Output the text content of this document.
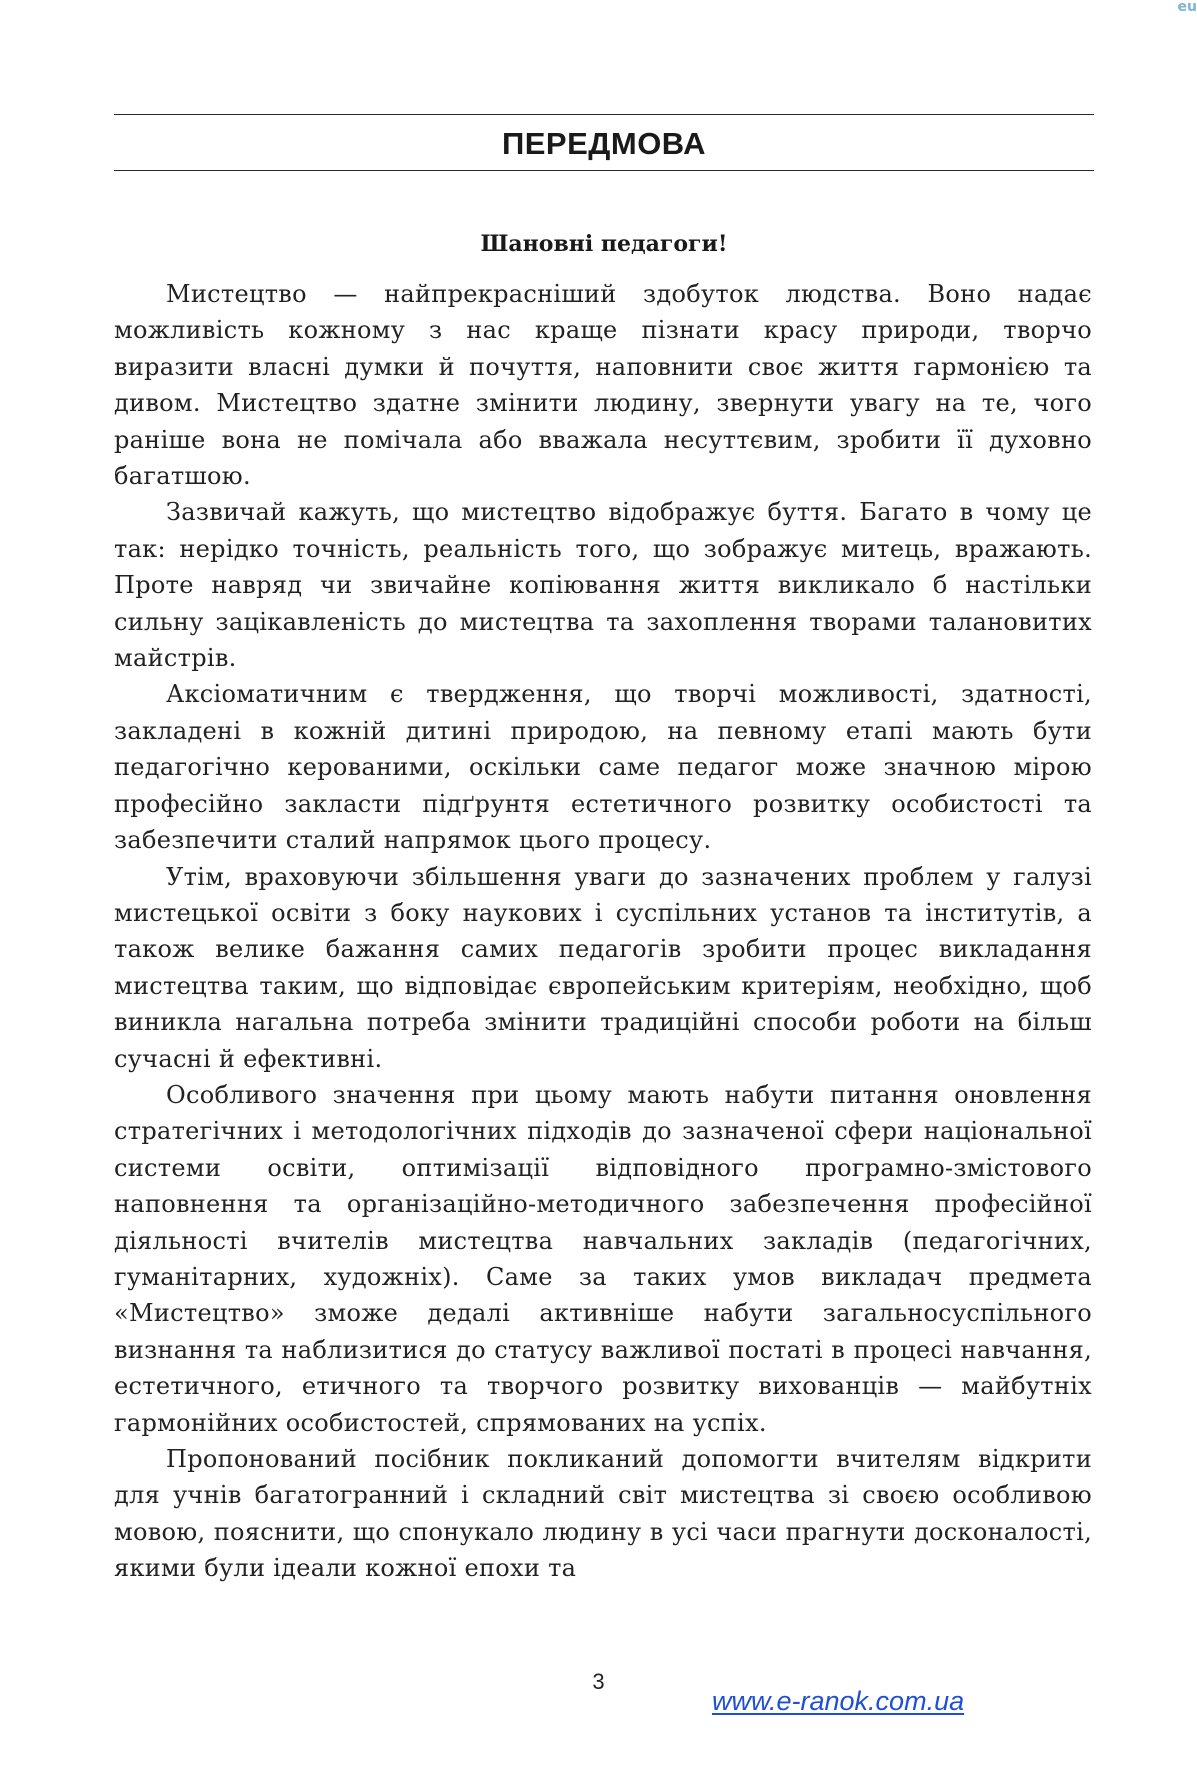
eu
ПЕРЕДМОВА
Шановні педагоги!

Мистецтво — найпрекрасніший здобуток людства. Воно надає можливість кожному з нас краще пізнати красу природи, творчо виразити власні думки й почуття, наповнити своє життя гармонією та дивом. Мистецтво здатне змінити людину, звернути увагу на те, чого раніше вона не помічала або вважала несуттєвим, зробити її духовно багатшою.

Зазвичай кажуть, що мистецтво відображує буття. Багато в чому це так: нерідко точність, реальність того, що зображує митець, вражають. Проте навряд чи звичайне копіювання життя викликало б настільки сильну зацікавленість до мистецтва та захоплення творами талановитих майстрів.

Аксіоматичним є твердження, що творчі можливості, здатності, закладені в кожній дитині природою, на певному етапі мають бути педагогічно керованими, оскільки саме педагог може значною мірою професійно закласти підґрунтя естетичного розвитку особистості та забезпечити сталий напрямок цього процесу.

Утім, враховуючи збільшення уваги до зазначених проблем у галузі мистецької освіти з боку наукових і суспільних установ та інститутів, а також велике бажання самих педагогів зробити процес викладання мистецтва таким, що відповідає європейським критеріям, необхідно, щоб виникла нагальна потреба змінити традиційні способи роботи на більш сучасні й ефективні.

Особливого значення при цьому мають набути питання оновлення стратегічних і методологічних підходів до зазначеної сфери національної системи освіти, оптимізації відповідного програмно-змістового наповнення та організаційно-методичного забезпечення професійної діяльності вчителів мистецтва навчальних закладів (педагогічних, гуманітарних, художніх). Саме за таких умов викладач предмета «Мистецтво» зможе дедалі активніше набути загальносуспільного визнання та наблизитися до статусу важливої постаті в процесі навчання, естетичного, етичного та творчого розвитку вихованців — майбутніх гармонійних особистостей, спрямованих на успіх.

Пропонований посібник покликаний допомогти вчителям відкрити для учнів багатогранний і складний світ мистецтва зі своєю особливою мовою, пояснити, що спонукало людину в усі часи прагнути досконалості, якими були ідеали кожної епохи та

3
www.e-ranok.com.ua
